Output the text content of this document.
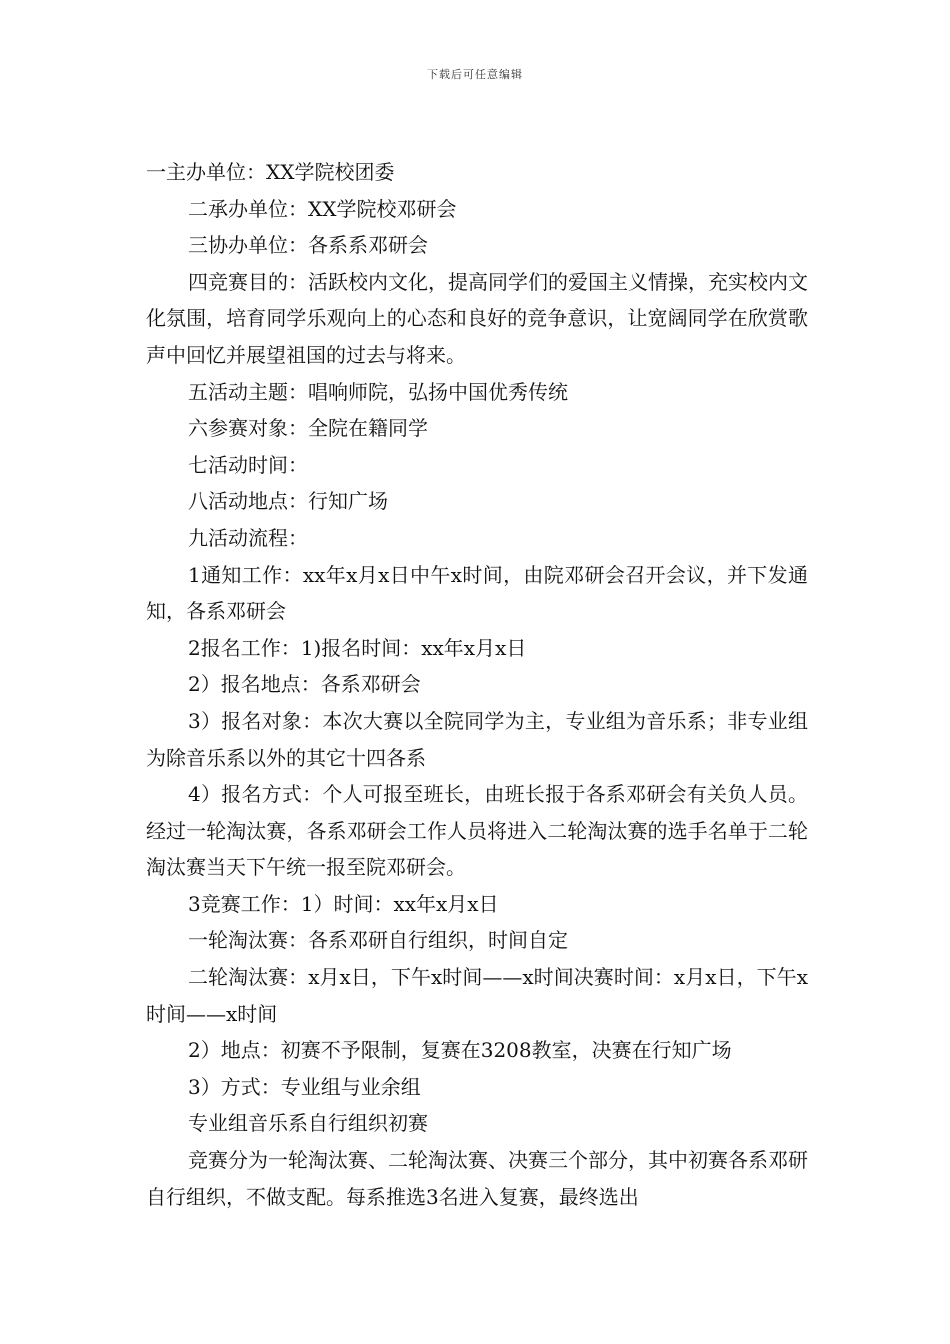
下载后可任意编辑

一主办单位：XX学院校团委

二承办单位：XX学院校邓研会

三协办单位：各系系邓研会

四竞赛目的：活跃校内文化，提高同学们的爱国主义情操，充实校内文化氛围，培育同学乐观向上的心态和良好的竞争意识，让宽阔同学在欣赏歌声中回忆并展望祖国的过去与将来。

五活动主题：唱响师院，弘扬中国优秀传统

六参赛对象：全院在籍同学

七活动时间：

八活动地点：行知广场

九活动流程：

1通知工作：xx年x月x日中午x时间，由院邓研会召开会议，并下发通知，各系邓研会

2报名工作：1)报名时间：xx年x月x日

2）报名地点：各系邓研会

3）报名对象：本次大赛以全院同学为主，专业组为音乐系；非专业组为除音乐系以外的其它十四各系

4）报名方式：个人可报至班长，由班长报于各系邓研会有关负人员。经过一轮淘汰赛，各系邓研会工作人员将进入二轮淘汰赛的选手名单于二轮淘汰赛当天下午统一报至院邓研会。

3竞赛工作：1）时间：xx年x月x日

一轮淘汰赛：各系邓研自行组织，时间自定

二轮淘汰赛：x月x日，下午x时间——x时间决赛时间：x月x日，下午x时间——x时间

2）地点：初赛不予限制，复赛在3208教室，决赛在行知广场

3）方式：专业组与业余组

专业组音乐系自行组织初赛

竞赛分为一轮淘汰赛、二轮淘汰赛、决赛三个部分，其中初赛各系邓研自行组织，不做支配。每系推选3名进入复赛，最终选出
